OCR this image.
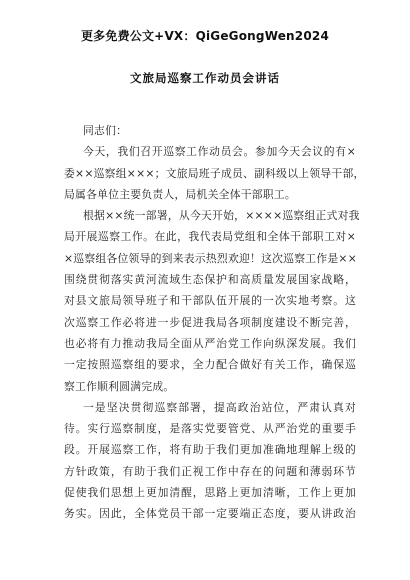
更多免费公文+VX：QiGeGongWen2024
文旅局巡察工作动员会讲话
同志们：
今天，我们召开巡察工作动员会。参加今天会议的有×
委××巡察组×××；文旅局班子成员、副科级以上领导干部，
局属各单位主要负责人，局机关全体干部职工。
根据××统一部署，从今天开始，××××巡察组正式对我
局开展巡察工作。在此，我代表局党组和全体干部职工对×
×巡察组各位领导的到来表示热烈欢迎！这次巡察工作是××
围绕贯彻落实黄河流域生态保护和高质量发展国家战略，
对县文旅局领导班子和干部队伍开展的一次实地考察。这
次巡察工作必将进一步促进我局各项制度建设不断完善，
也必将有力推动我局全面从严治党工作向纵深发展。我们
一定按照巡察组的要求，全力配合做好有关工作，确保巡
察工作顺利圆满完成。
一是坚决贯彻巡察部署，提高政治站位，严肃认真对
待。实行巡察制度，是落实党要管党、从严治党的重要手
段。开展巡察工作，将有助于我们更加准确地理解上级的
方针政策，有助于我们正视工作中存在的问题和薄弱环节
促使我们思想上更加清醒，思路上更加清晰，工作上更加
务实。因此，全体党员干部一定要端正态度，要从讲政治
